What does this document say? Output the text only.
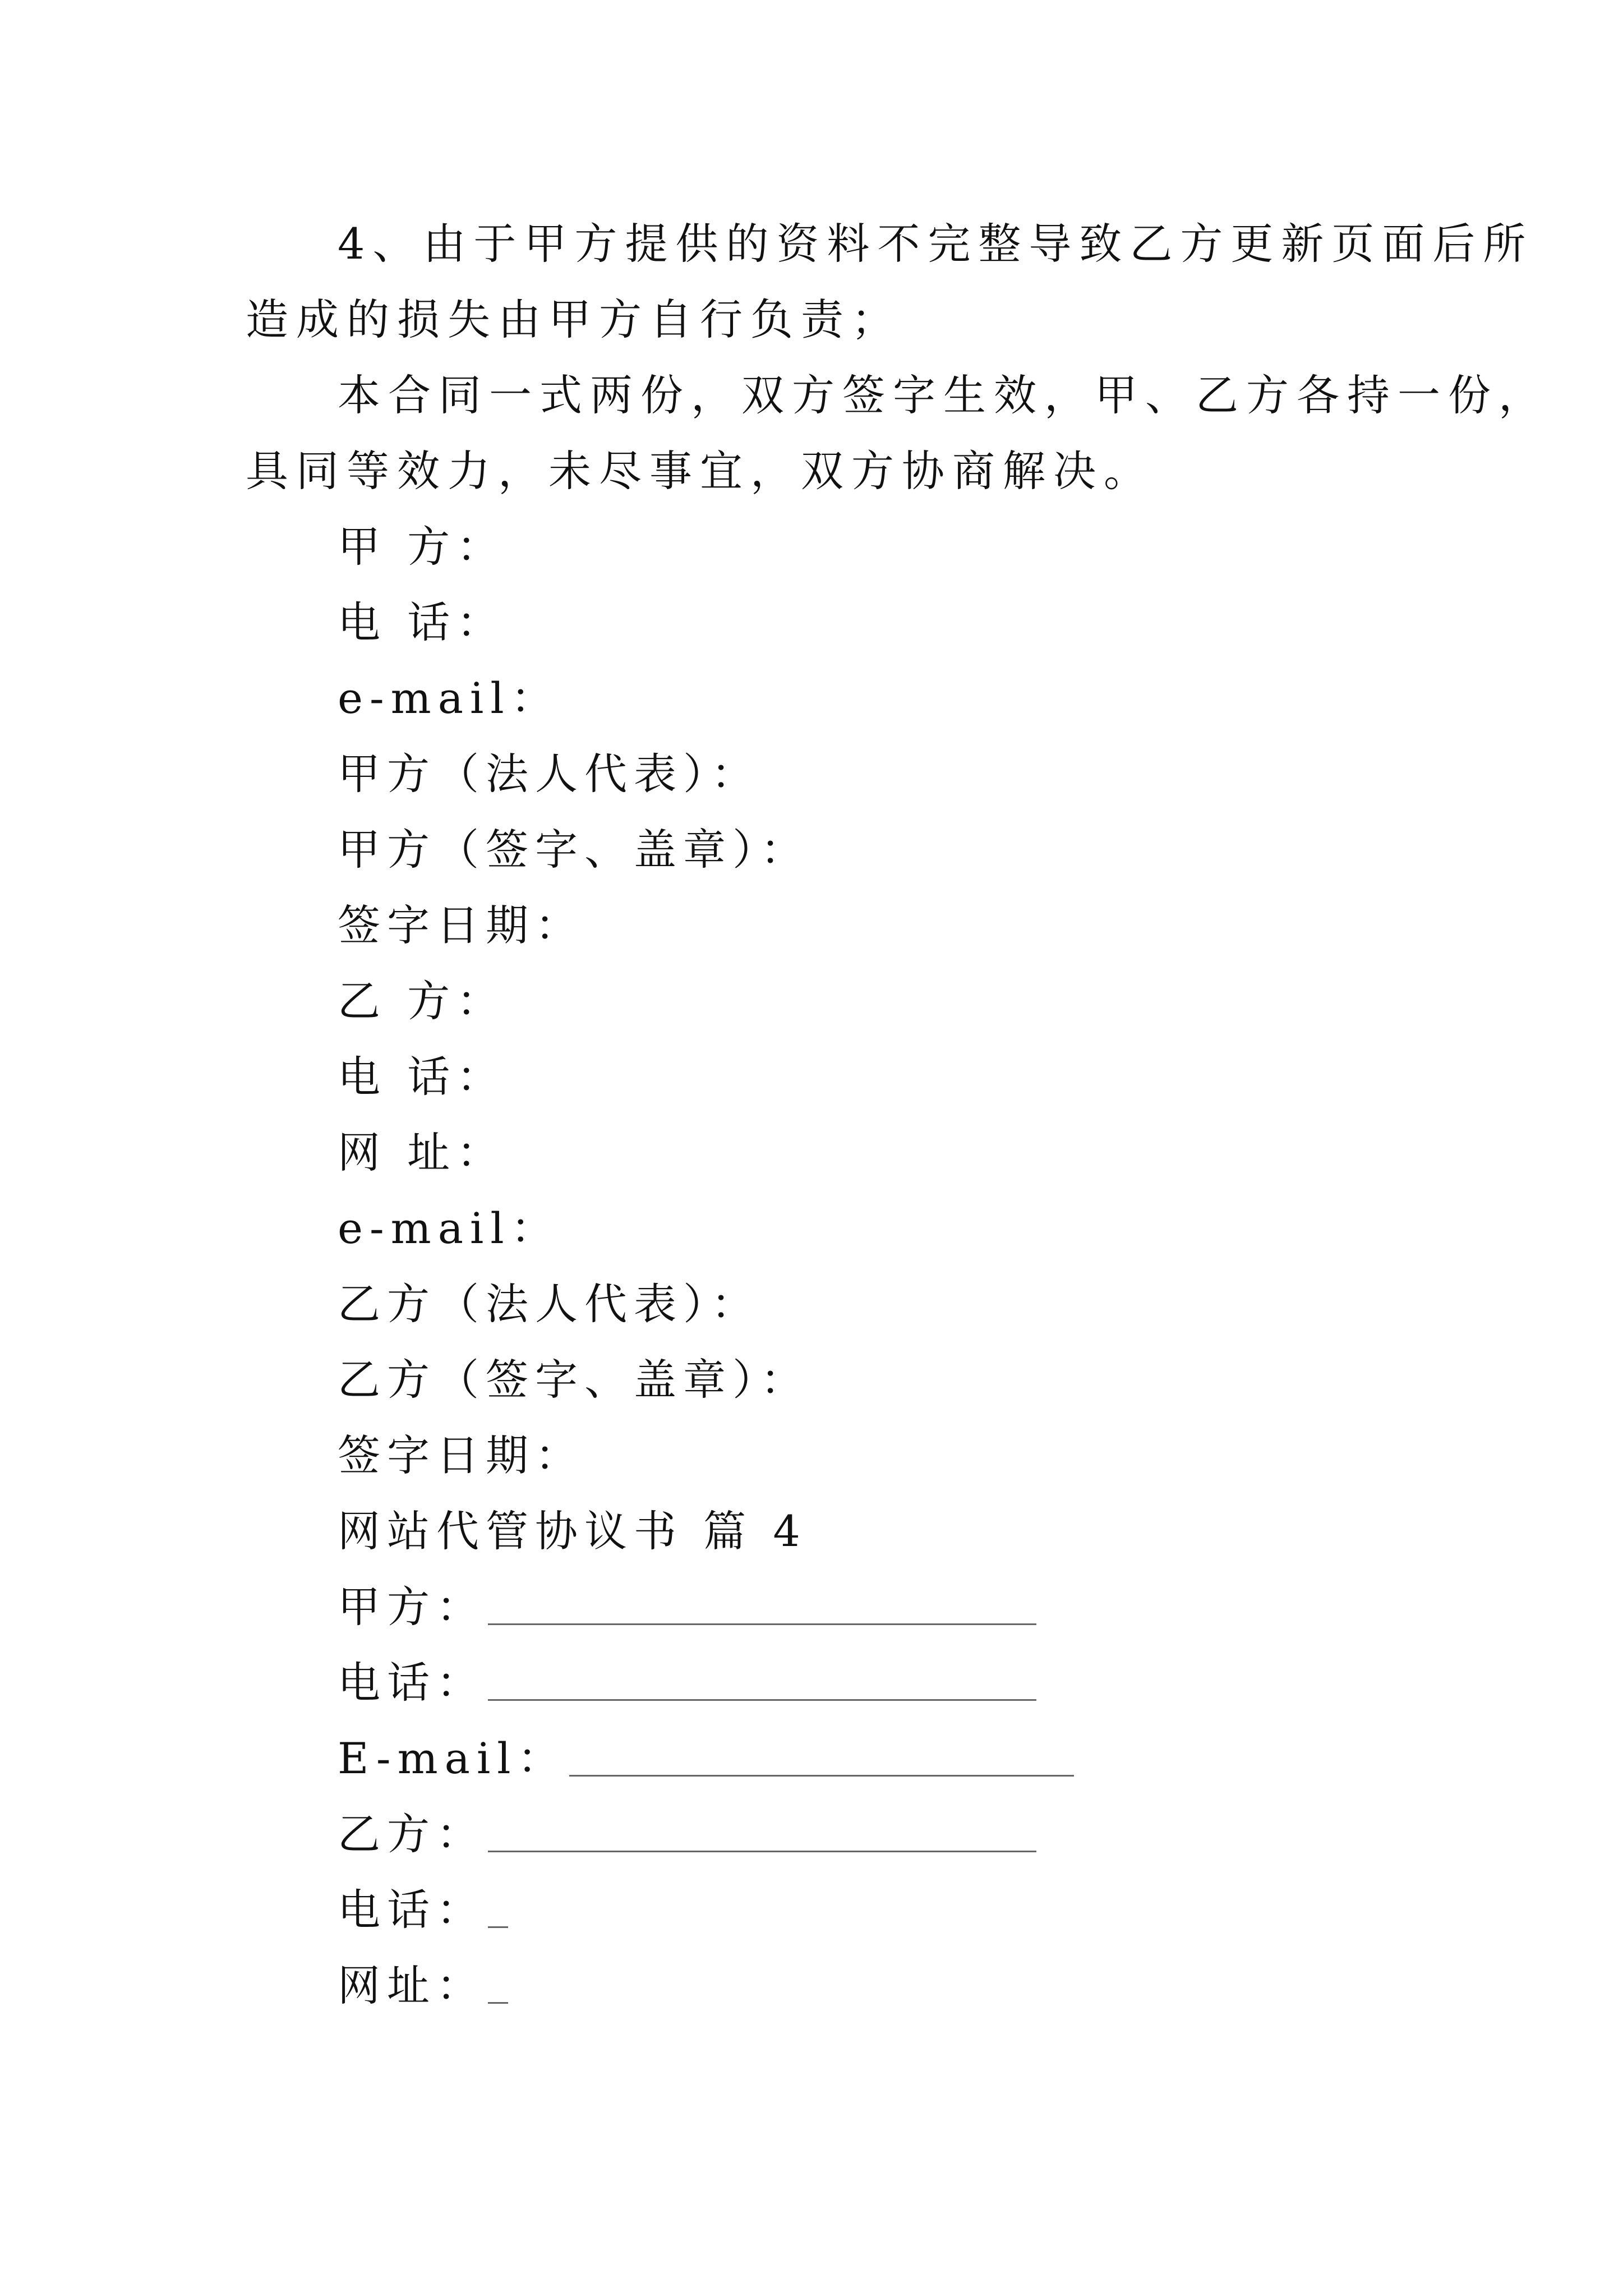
4、由于甲方提供的资料不完整导致乙方更新页面后所
造成的损失由甲方自行负责；
本合同一式两份，双方签字生效，甲、乙方各持一份，
具同等效力，未尽事宜，双方协商解决。
甲 方：
电 话：
e-mail：
甲方（法人代表）：
甲方（签字、盖章）：
签字日期：
乙 方：
电 话：
网 址：
e-mail：
乙方（法人代表）：
乙方（签字、盖章）：
签字日期：
网站代管协议书 篇 4
甲方：
电话：
E-mail：
乙方：
电话：
网址：
